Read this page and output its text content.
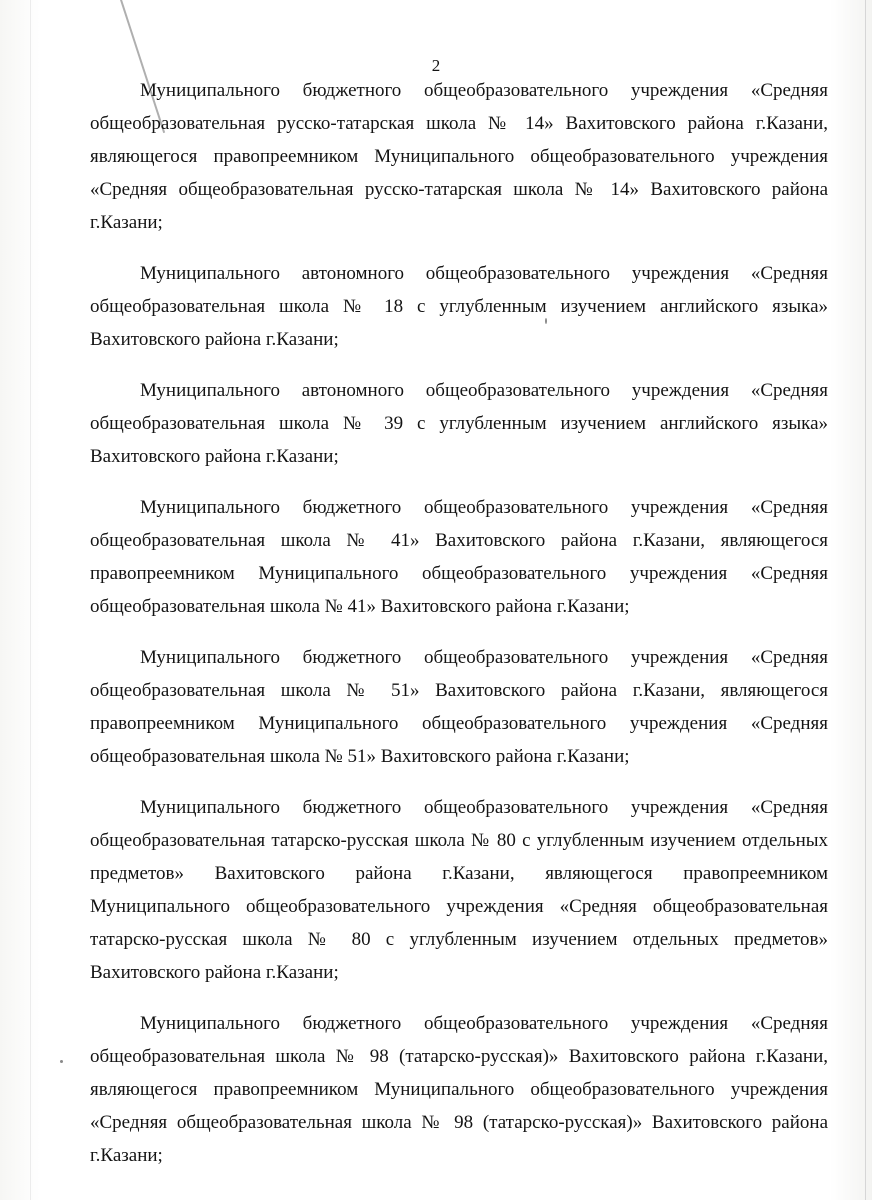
2

Муниципального бюджетного общеобразовательного учреждения «Средняя общеобразовательная русско-татарская школа № 14» Вахитовского района г.Казани, являющегося правопреемником Муниципального общеобразовательного учреждения «Средняя общеобразовательная русско-татарская школа № 14» Вахитовского района г.Казани;

Муниципального автономного общеобразовательного учреждения «Средняя общеобразовательная школа № 18 с углубленным изучением английского языка» Вахитовского района г.Казани;

Муниципального автономного общеобразовательного учреждения «Средняя общеобразовательная школа № 39 с углубленным изучением английского языка» Вахитовского района г.Казани;

Муниципального бюджетного общеобразовательного учреждения «Средняя общеобразовательная школа № 41» Вахитовского района г.Казани, являющегося правопреемником Муниципального общеобразовательного учреждения «Средняя общеобразовательная школа № 41» Вахитовского района г.Казани;

Муниципального бюджетного общеобразовательного учреждения «Средняя общеобразовательная школа № 51» Вахитовского района г.Казани, являющегося правопреемником Муниципального общеобразовательного учреждения «Средняя общеобразовательная школа № 51» Вахитовского района г.Казани;

Муниципального бюджетного общеобразовательного учреждения «Средняя общеобразовательная татарско-русская школа № 80 с углубленным изучением отдельных предметов» Вахитовского района г.Казани, являющегося правопреемником Муниципального общеобразовательного учреждения «Средняя общеобразовательная татарско-русская школа № 80 с углубленным изучением отдельных предметов» Вахитовского района г.Казани;

Муниципального бюджетного общеобразовательного учреждения «Средняя общеобразовательная школа № 98 (татарско-русская)» Вахитовского района г.Казани, являющегося правопреемником Муниципального общеобразовательного учреждения «Средняя общеобразовательная школа № 98 (татарско-русская)» Вахитовского района г.Казани;
